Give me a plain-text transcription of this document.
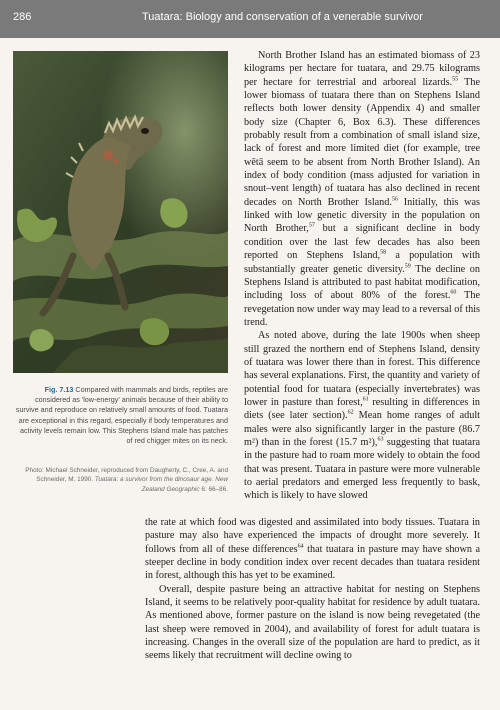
286	Tuatara: Biology and conservation of a venerable survivor
Fig. 7.13 Compared with mammals and birds, reptiles are considered as 'low-energy' animals because of their ability to survive and reproduce on relatively small amounts of food. Tuatara are exceptional in this regard, especially if body temperatures and activity levels remain low. This Stephens Island male has patches of red chigger mites on its neck.
Photo: Michael Schneider, reproduced from Daugherty, C., Cree, A. and Schneider, M. 1990. Tuatara: a survivor from the dinosaur age. New Zealand Geographic 6: 66–86.

North Brother Island has an estimated biomass of 23 kilograms per hectare for tuatara, and 29.75 kilograms per hectare for terrestrial and arboreal lizards.$^{55}$ The lower biomass of tuatara there than on Stephens Island reflects both lower density (Appendix 4) and smaller body size (Chapter 6, Box 6.3). These differences probably result from a combination of small island size, lack of forest and more limited diet (for example, tree wētā seem to be absent from North Brother Island). An index of body condition (mass adjusted for variation in snout–vent length) of tuatara has also declined in recent decades on North Brother Island.$^{56}$ Initially, this was linked with low genetic diversity in the population on North Brother,$^{57}$ but a significant decline in body condition over the last few decades has also been reported on Stephens Island,$^{58}$ a population with substantially greater genetic diversity.$^{59}$ The decline on Stephens Island is attributed to past habitat modification, including loss of about 80% of the forest.$^{60}$ The revegetation now under way may lead to a reversal of this trend.

As noted above, during the late 1900s when sheep still grazed the northern end of Stephens Island, density of tuatara was lower there than in forest. This difference has several explanations. First, the quantity and variety of potential food for tuatara (especially invertebrates) was lower in pasture than forest,$^{61}$ resulting in differences in diets (see later section).$^{62}$ Mean home ranges of adult males were also significantly larger in the pasture (86.7 m²) than in the forest (15.7 m²),$^{63}$ suggesting that tuatara in the pasture had to roam more widely to obtain the food that was present. Tuatara in pasture were more vulnerable to aerial predators and emerged less frequently to bask, which is likely to have slowed

the rate at which food was digested and assimilated into body tissues. Tuatara in pasture may also have experienced the impacts of drought more severely. It follows from all of these differences$^{64}$ that tuatara in pasture may have shown a steeper decline in body condition index over recent decades than tuatara resident in forest, although this has yet to be examined.

Overall, despite pasture being an attractive habitat for nesting on Stephens Island, it seems to be relatively poor-quality habitat for residence by adult tuatara. As mentioned above, former pasture on the island is now being revegetated (the last sheep were removed in 2004), and availability of forest for adult tuatara is increasing. Changes in the overall size of the population are hard to predict, as it seems likely that recruitment will decline owing to
